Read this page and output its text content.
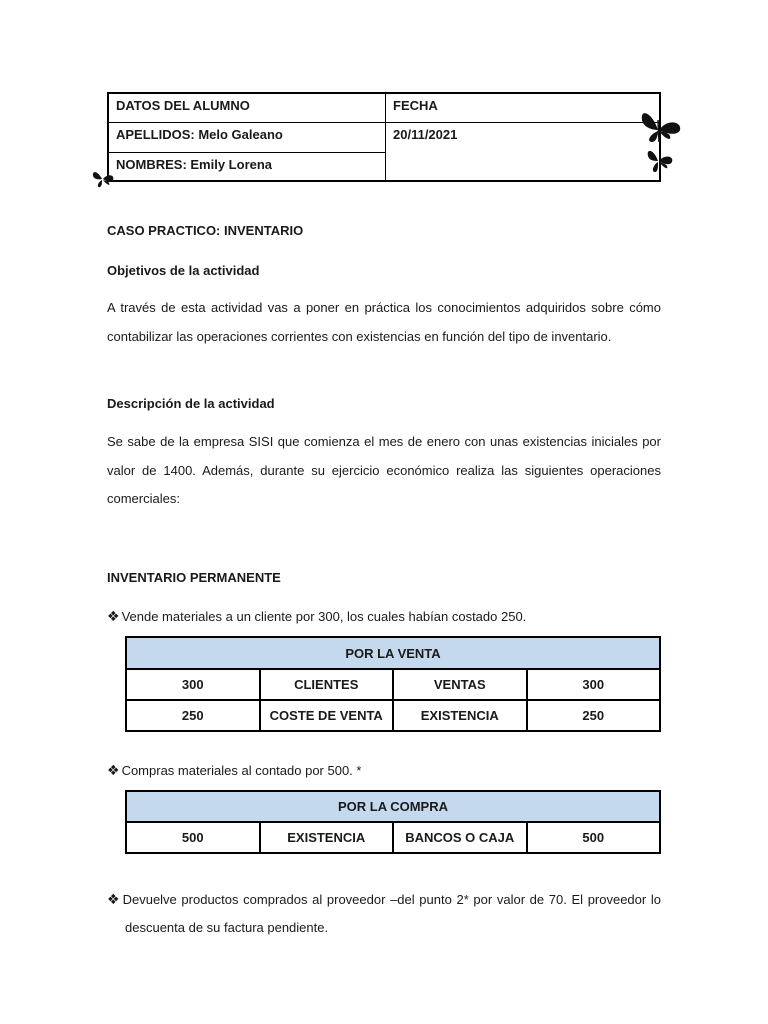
DATOS DEL ALUMNO	FECHA
APELLIDOS: Melo Galeano	20/11/2021
NOMBRES: Emily Lorena
CASO PRACTICO: INVENTARIO
Objetivos de la actividad
A través de esta actividad vas a poner en práctica los conocimientos adquiridos sobre cómo contabilizar las operaciones corrientes con existencias en función del tipo de inventario.
Descripción de la actividad
Se sabe de la empresa SISI que comienza el mes de enero con unas existencias iniciales por valor de 1400. Además, durante su ejercicio económico realiza las siguientes operaciones comerciales:
INVENTARIO PERMANENTE
❖ Vende materiales a un cliente por 300, los cuales habían costado 250.
POR LA VENTA			
300	CLIENTES	VENTAS	300
250	COSTE DE VENTA	EXISTENCIA	250
❖ Compras materiales al contado por 500. *
POR LA COMPRA
500	EXISTENCIA	BANCOS O CAJA	500
❖ Devuelve productos comprados al proveedor –del punto 2* por valor de 70. El proveedor lo descuenta de su factura pendiente.
